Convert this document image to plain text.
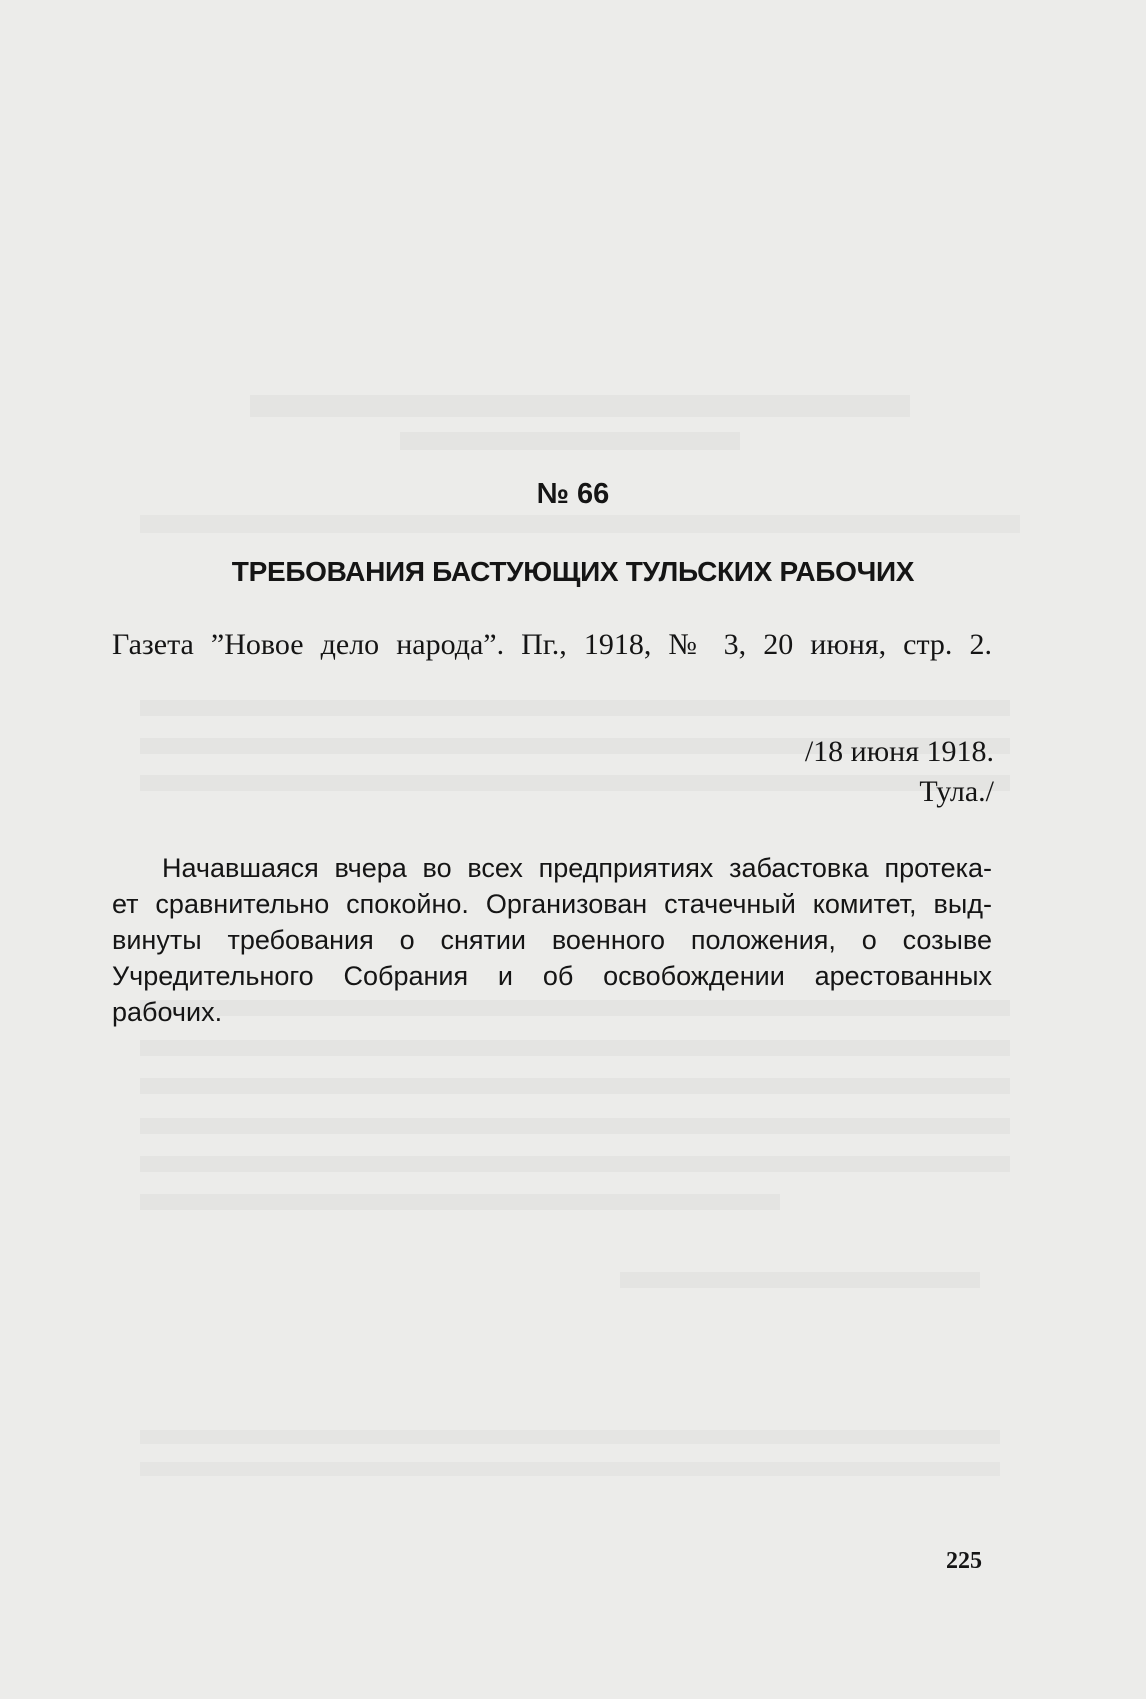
№ 66
ТРЕБОВАНИЯ БАСТУЮЩИХ ТУЛЬСКИХ РАБОЧИХ
Газета ”Новое дело народа”. Пг., 1918, № 3, 20 июня, стр. 2.
/18 июня 1918.
Тула./
Начавшаяся вчера во всех предприятиях забастовка протека-
ет сравнительно спокойно. Организован стачечный комитет, выд-
винуты требования о снятии военного положения, о созыве
Учредительного Собрания и об освобождении арестованных
рабочих.
225
